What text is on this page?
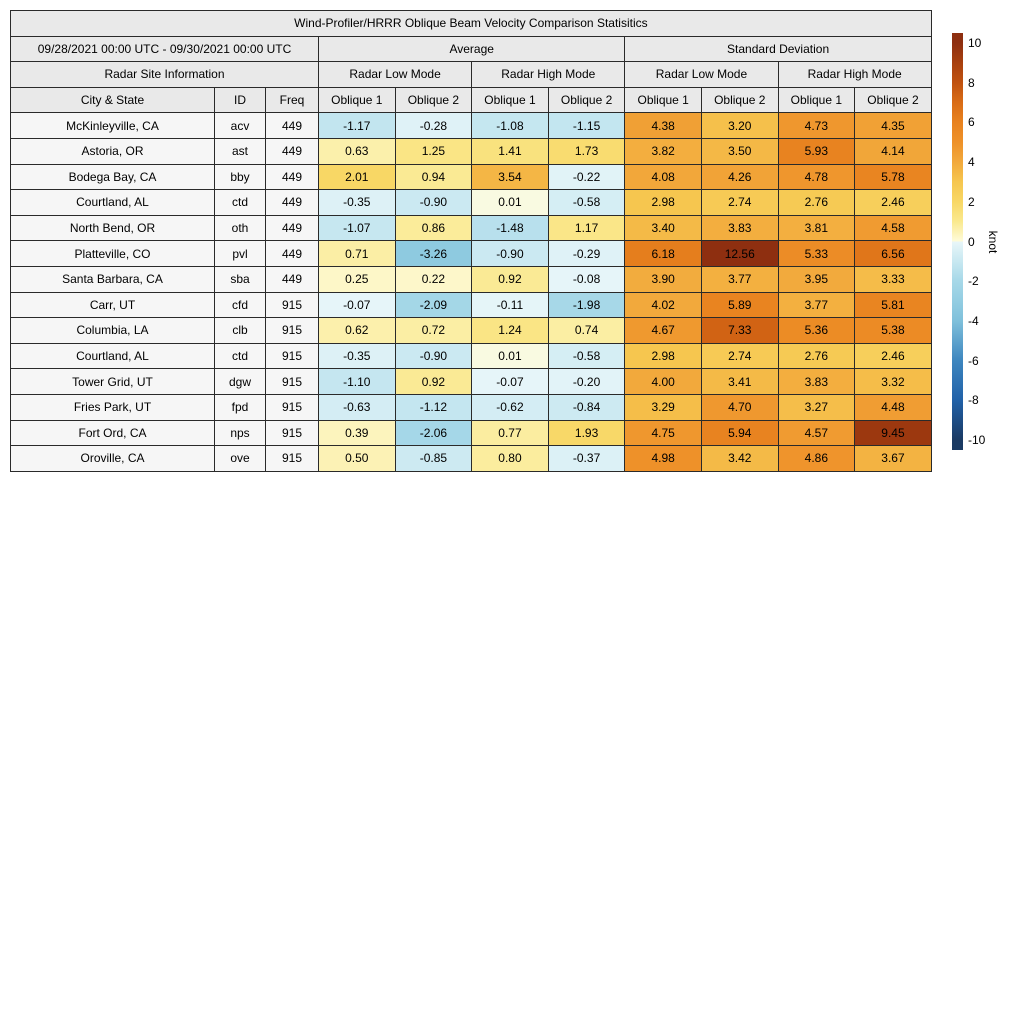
Wind-Profiler/HRRR Oblique Beam Velocity Comparison Statisitics										
09/28/2021 00:00 UTC - 09/30/2021 00:00 UTC			Average				Standard Deviation			
Radar Site Information			Radar Low Mode		Radar High Mode		Radar Low Mode		Radar High Mode	
City & State	ID	Freq	Oblique 1	Oblique 2	Oblique 1	Oblique 2	Oblique 1	Oblique 2	Oblique 1	Oblique 2
McKinleyville, CA	acv	449	-1.17	-0.28	-1.08	-1.15	4.38	3.20	4.73	4.35
Astoria, OR	ast	449	0.63	1.25	1.41	1.73	3.82	3.50	5.93	4.14
Bodega Bay, CA	bby	449	2.01	0.94	3.54	-0.22	4.08	4.26	4.78	5.78
Courtland, AL	ctd	449	-0.35	-0.90	0.01	-0.58	2.98	2.74	2.76	2.46
North Bend, OR	oth	449	-1.07	0.86	-1.48	1.17	3.40	3.83	3.81	4.58
Platteville, CO	pvl	449	0.71	-3.26	-0.90	-0.29	6.18	12.56	5.33	6.56
Santa Barbara, CA	sba	449	0.25	0.22	0.92	-0.08	3.90	3.77	3.95	3.33
Carr, UT	cfd	915	-0.07	-2.09	-0.11	-1.98	4.02	5.89	3.77	5.81
Columbia, LA	clb	915	0.62	0.72	1.24	0.74	4.67	7.33	5.36	5.38
Courtland, AL	ctd	915	-0.35	-0.90	0.01	-0.58	2.98	2.74	2.76	2.46
Tower Grid, UT	dgw	915	-1.10	0.92	-0.07	-0.20	4.00	3.41	3.83	3.32
Fries Park, UT	fpd	915	-0.63	-1.12	-0.62	-0.84	3.29	4.70	3.27	4.48
Fort Ord, CA	nps	915	0.39	-2.06	0.77	1.93	4.75	5.94	4.57	9.45
Oroville, CA	ove	915	0.50	-0.85	0.80	-0.37	4.98	3.42	4.86	3.67
10
8
6
4
2
0
-2
-4
-6
-8
-10
knot
